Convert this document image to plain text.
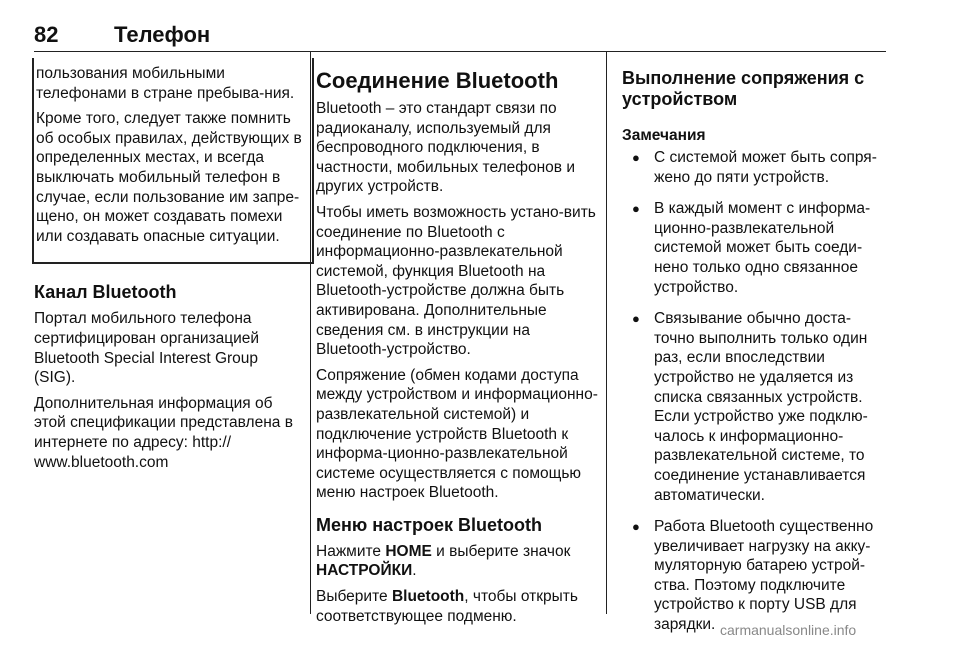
82	Телефон

пользования мобильными телефонами в стране пребыва-ния.

Кроме того, следует также помнить об особых правилах, действующих в определенных местах, и всегда выключать мобильный телефон в случае, если пользование им запре-щено, он может создавать помехи или создавать опасные ситуации.

Канал Bluetooth

Портал мобильного телефона сертифицирован организацией Bluetooth Special Interest Group (SIG).

Дополнительная информация об этой спецификации представлена в интернете по адресу: http:// www.bluetooth.com

Соединение Bluetooth

Bluetooth – это стандарт связи по радиоканалу, используемый для беспроводного подключения, в частности, мобильных телефонов и других устройств.

Чтобы иметь возможность устано-вить соединение по Bluetooth с информационно-развлекательной системой, функция Bluetooth на Bluetooth-устройстве должна быть активирована. Дополнительные сведения см. в инструкции на Bluetooth-устройство.

Сопряжение (обмен кодами доступа между устройством и информационно-развлекательной системой) и подключение устройств Bluetooth к информа-ционно-развлекательной системе осуществляется с помощью меню настроек Bluetooth.

Меню настроек Bluetooth

Нажмите HOME и выберите значок НАСТРОЙКИ.

Выберите Bluetooth, чтобы открыть соответствующее подменю.

Выполнение сопряжения с устройством
Замечания
● С системой может быть сопря-жено до пяти устройств.
● В каждый момент с информа-ционно-развлекательной системой может быть соеди-нено только одно связанное устройство.
● Связывание обычно доста-точно выполнить только один раз, если впоследствии устройство не удаляется из списка связанных устройств. Если устройство уже подклю-чалось к информационно-развлекательной системе, то соединение устанавливается автоматически.
● Работа Bluetooth существенно увеличивает нагрузку на акку-муляторную батарею устрой-ства. Поэтому подключите устройство к порту USB для зарядки. carmanualsonline.info
